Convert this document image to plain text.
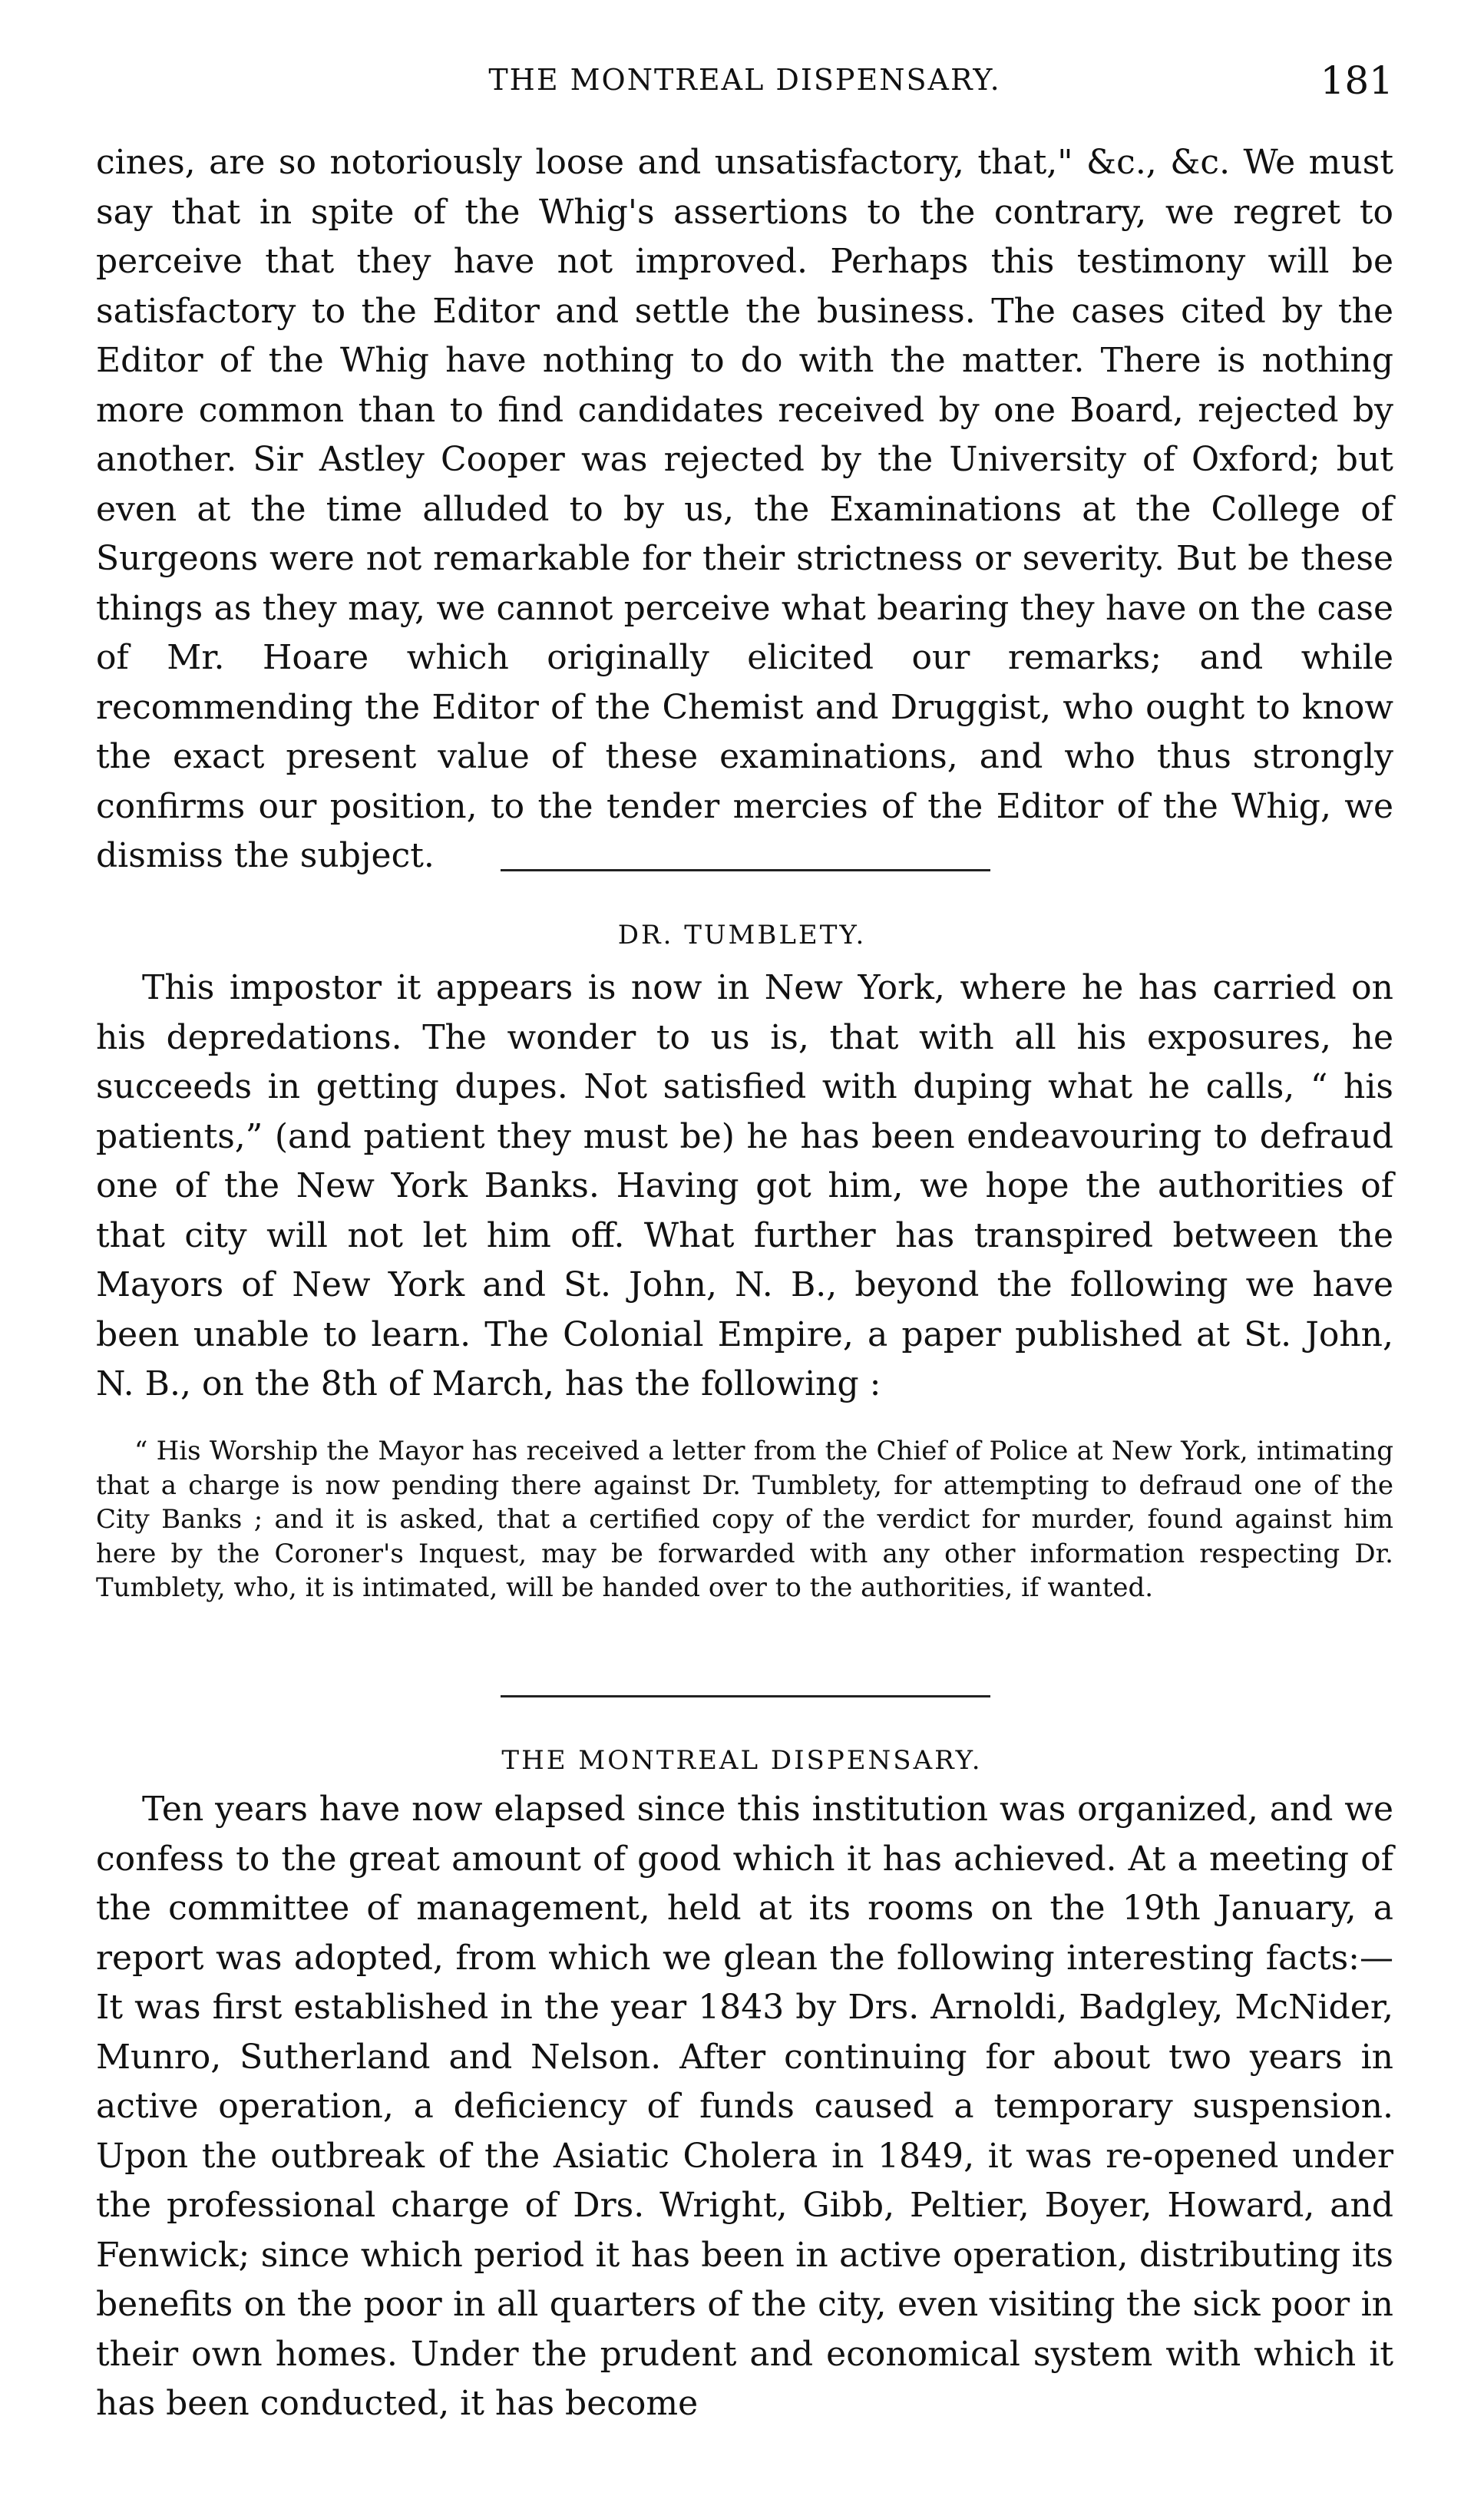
THE MONTREAL DISPENSARY.	181

cines, are so notoriously loose and unsatisfactory, that," &c., &c. We must say that in spite of the Whig's assertions to the contrary, we regret to perceive that they have not improved. Perhaps this testimony will be satisfactory to the Editor and settle the business. The cases cited by the Editor of the Whig have nothing to do with the matter. There is nothing more common than to find candidates received by one Board, rejected by another. Sir Astley Cooper was rejected by the University of Oxford; but even at the time alluded to by us, the Examinations at the College of Surgeons were not remarkable for their strictness or severity. But be these things as they may, we cannot perceive what bearing they have on the case of Mr. Hoare which originally elicited our remarks; and while recommending the Editor of the Chemist and Druggist, who ought to know the exact present value of these examinations, and who thus strongly confirms our position, to the tender mercies of the Editor of the Whig, we dismiss the subject.

DR. TUMBLETY.

This impostor it appears is now in New York, where he has carried on his depredations. The wonder to us is, that with all his exposures, he succeeds in getting dupes. Not satisfied with duping what he calls, “ his patients,” (and patient they must be) he has been endeavouring to defraud one of the New York Banks. Having got him, we hope the authorities of that city will not let him off. What further has transpired between the Mayors of New York and St. John, N. B., beyond the following we have been unable to learn. The Colonial Empire, a paper published at St. John, N. B., on the 8th of March, has the following :

“ His Worship the Mayor has received a letter from the Chief of Police at New York, intimating that a charge is now pending there against Dr. Tumblety, for attempting to defraud one of the City Banks ; and it is asked, that a certified copy of the verdict for murder, found against him here by the Coroner's Inquest, may be forwarded with any other information respecting Dr. Tumblety, who, it is intimated, will be handed over to the authorities, if wanted.

THE MONTREAL DISPENSARY.

Ten years have now elapsed since this institution was organized, and we confess to the great amount of good which it has achieved. At a meeting of the committee of management, held at its rooms on the 19th January, a report was adopted, from which we glean the following interesting facts:—It was first established in the year 1843 by Drs. Arnoldi, Badgley, McNider, Munro, Sutherland and Nelson. After continuing for about two years in active operation, a deficiency of funds caused a temporary suspension. Upon the outbreak of the Asiatic Cholera in 1849, it was re-opened under the professional charge of Drs. Wright, Gibb, Peltier, Boyer, Howard, and Fenwick; since which period it has been in active operation, distributing its benefits on the poor in all quarters of the city, even visiting the sick poor in their own homes. Under the prudent and economical system with which it has been conducted, it has become
